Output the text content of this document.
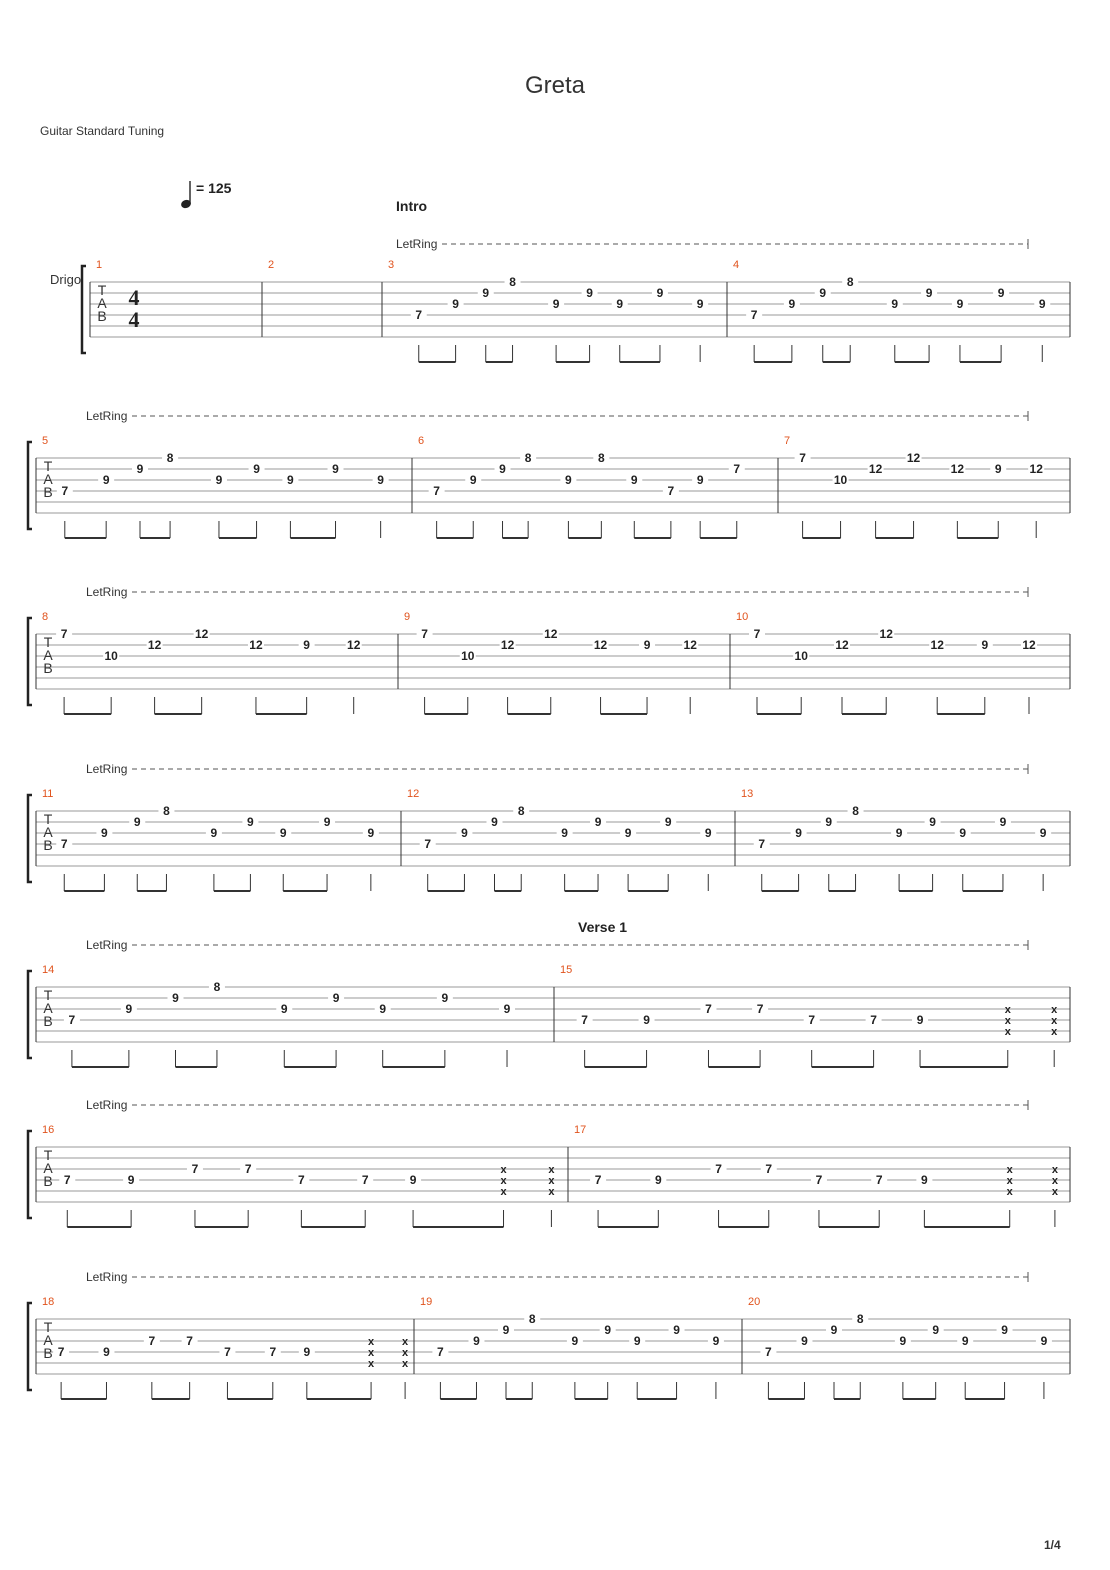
Greta
Guitar Standard Tuning
1/4
T
A
B
1	2	3
7
9
9
8
9
9
9
9
9
4
7
9
9
8
9
9
9
9
9
LetRing
Intro
T
A
B
5
7
9
9
8
9
9
9
9
9
6
7
9
9
8
9
8
9
7
9
7
7
7
10
12
12
12	9 12
LetRing
T
A
B
8
7
10
12
12
12	9	12
9
7
10
12
12
12	9	12
10
7
10
12
12
12	9	12
LetRing
T
A
B
11
7
9
9
8
9
9
9
9
9
12
7
9
9
8
9
9
9
9
9
13
7
9
9
8
9
9
9
9
9
LetRing
T
A
B
14
7
9
9
8
9
9
9
9
9
15
7	9
7	7
7	7	9
x
x
x
x
x
x
LetRing
Verse 1
T
A
B
16
7	9
7	7
7	7	9
x
x
x
x
x
x
17
7	9
7	7
7	7	9
x
x
x
x
x
x
LetRing
T
A
B
18
7	9
7	7
7	7 9
x
x
x
x
x
x
19
7
9
9
8
9
9
9
9
9
20
7
9
9
8
9
9
9
9
9
LetRing
4
4
Drigo
= 125
